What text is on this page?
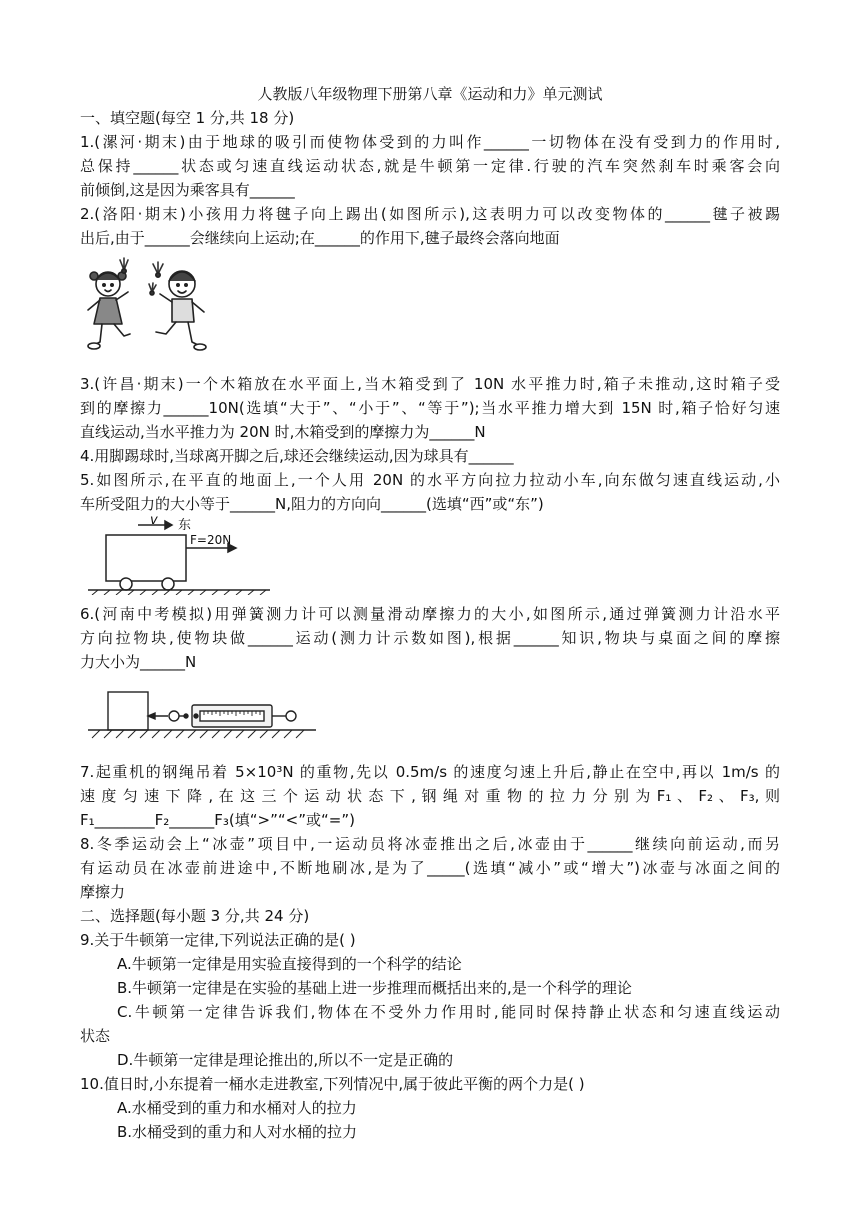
人教版八年级物理下册第八章《运动和力》单元测试
一、填空题(每空 1 分,共 18 分)
1.(漯河·期末)由于地球的吸引而使物体受到的力叫作______一切物体在没有受到力的作用时,
总保持______状态或匀速直线运动状态,就是牛顿第一定律.行驶的汽车突然刹车时乘客会向
前倾倒,这是因为乘客具有______
2.(洛阳·期末)小孩用力将毽子向上踢出(如图所示),这表明力可以改变物体的______毽子被踢
出后,由于______会继续向上运动;在______的作用下,毽子最终会落向地面
3.(许昌·期末)一个木箱放在水平面上,当木箱受到了 10N 水平推力时,箱子未推动,这时箱子受
到的摩擦力______10N(选填“大于”、“小于”、“等于”);当水平推力增大到 15N 时,箱子恰好匀速
直线运动,当水平推力为 20N 时,木箱受到的摩擦力为______N
4.用脚踢球时,当球离开脚之后,球还会继续运动,因为球具有______
5.如图所示,在平直的地面上,一个人用 20N 的水平方向拉力拉动小车,向东做匀速直线运动,小
车所受阻力的大小等于______N,阻力的方向向______(选填“西”或“东”)
v 东
F=20N
6.(河南中考模拟)用弹簧测力计可以测量滑动摩擦力的大小,如图所示,通过弹簧测力计沿水平
方向拉物块,使物块做______运动(测力计示数如图),根据______知识,物块与桌面之间的摩擦
力大小为______N
7.起重机的钢绳吊着 5×10³N 的重物,先以 0.5m/s 的速度匀速上升后,静止在空中,再以 1m/s 的
速 度 匀 速 下 降 , 在 这 三 个 运 动 状 态 下 , 钢 绳 对 重 物 的 拉 力 分 别 为 F₁ 、 F₂ 、 F₃, 则
F₁________F₂______F₃(填“>”“<”或“=”)
8.冬季运动会上“冰壶”项目中,一运动员将冰壶推出之后,冰壶由于______继续向前运动,而另
有运动员在冰壶前进途中,不断地刷冰,是为了_____(选填“减小”或“增大”)冰壶与冰面之间的
摩擦力
二、选择题(每小题 3 分,共 24 分)
9.关于牛顿第一定律,下列说法正确的是( )
A.牛顿第一定律是用实验直接得到的一个科学的结论
B.牛顿第一定律是在实验的基础上进一步推理而概括出来的,是一个科学的理论
C.牛顿第一定律告诉我们,物体在不受外力作用时,能同时保持静止状态和匀速直线运动
状态
D.牛顿第一定律是理论推出的,所以不一定是正确的
10.值日时,小东提着一桶水走进教室,下列情况中,属于彼此平衡的两个力是( )
A.水桶受到的重力和水桶对人的拉力
B.水桶受到的重力和人对水桶的拉力
